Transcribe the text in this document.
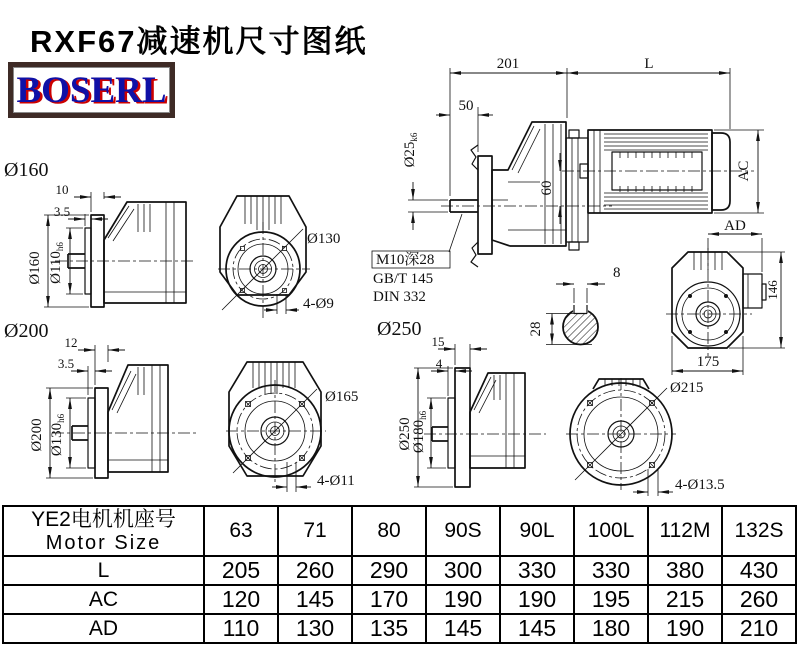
Ø160
Ø200	Ø250
201	L
50
$Ø25_{k6}$
60
AC
M10深28
GB/T 145
DIN 332
8
28
AD
146
175
10
3.5
Ø160 $Ø110_{h6}$	Ø130
4-Ø9
12
3.5
Ø200 $Ø130_{h6}$
Ø165
4-Ø11
15
4
Ø250
$Ø180_{h6}$
Ø215
4-Ø13.5
RXF67减速机尺寸图纸
BOSERL
YE2电机机座号
Motor Size	63	71	80	90S	90L	100L	112M	132S
L	205	260	290	300	330	330	380	430
AC	120	145	170	190	190	195	215	260
AD	110	130	135	145	145	180	190	210
